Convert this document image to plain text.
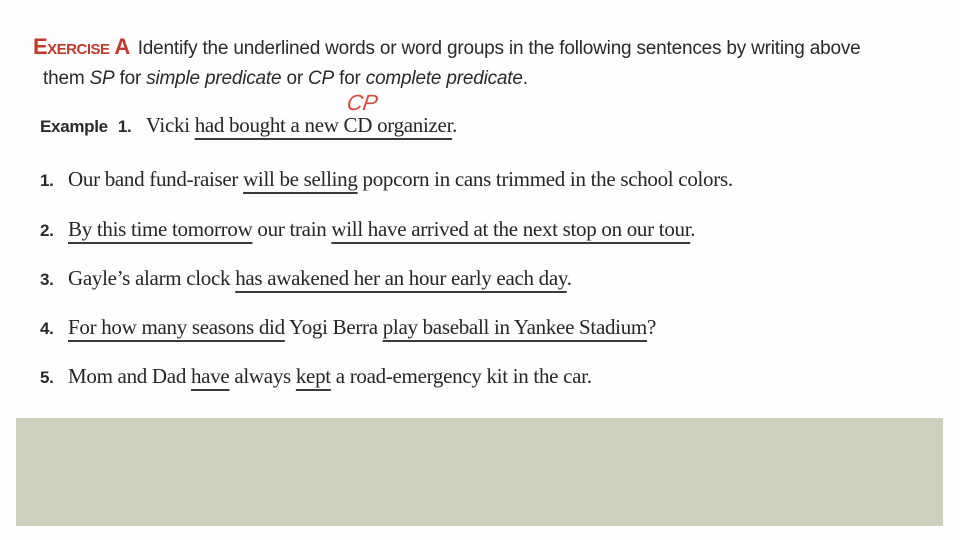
Exercise A Identify the underlined words or word groups in the following sentences by writing above
them SP for simple predicate or CP for complete predicate.
CP
Example 1. Vicki had bought a new CD organizer.
1. Our band fund-raiser will be selling popcorn in cans trimmed in the school colors.
2. By this time tomorrow our train will have arrived at the next stop on our tour.
3. Gayle’s alarm clock has awakened her an hour early each day.
4. For how many seasons did Yogi Berra play baseball in Yankee Stadium?
5. Mom and Dad have always kept a road-emergency kit in the car.
